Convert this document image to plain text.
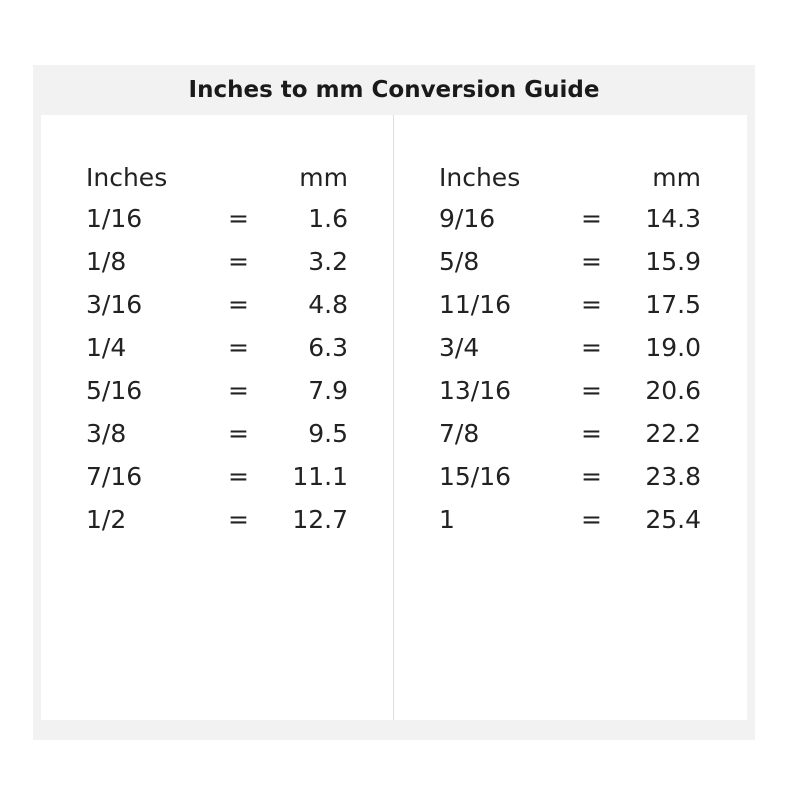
Inches to mm Conversion Guide
Inches	mm
1/16	=	1.6
1/8	=	3.2
3/16	=	4.8
1/4	=	6.3
5/16	=	7.9
3/8	=	9.5
7/16	=	11.1
1/2	=	12.7
Inches	mm
9/16	=	14.3
5/8	=	15.9
11/16	=	17.5
3/4	=	19.0
13/16	=	20.6
7/8	=	22.2
15/16	=	23.8
1	=	25.4
